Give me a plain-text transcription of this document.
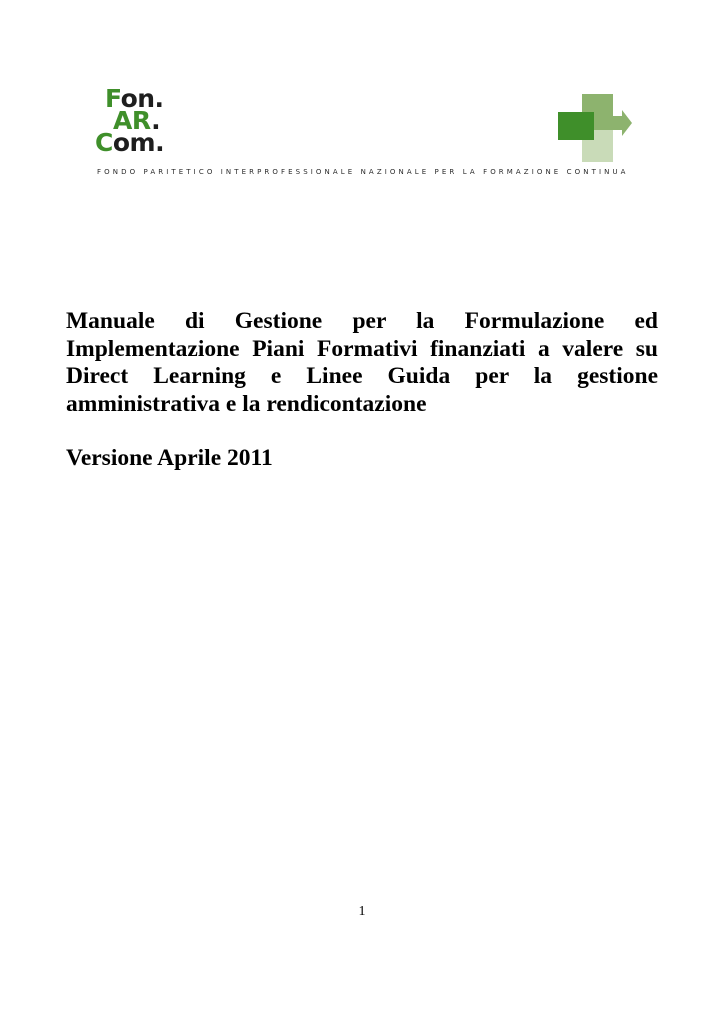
Fon.
AR.
Com.
FONDO PARITETICO INTERPROFESSIONALE NAZIONALE PER LA FORMAZIONE CONTINUA
Manuale di Gestione per la Formulazione ed
Implementazione Piani Formativi finanziati a valere su
Direct Learning e Linee Guida per la gestione
amministrativa e la rendicontazione
Versione Aprile 2011
1
